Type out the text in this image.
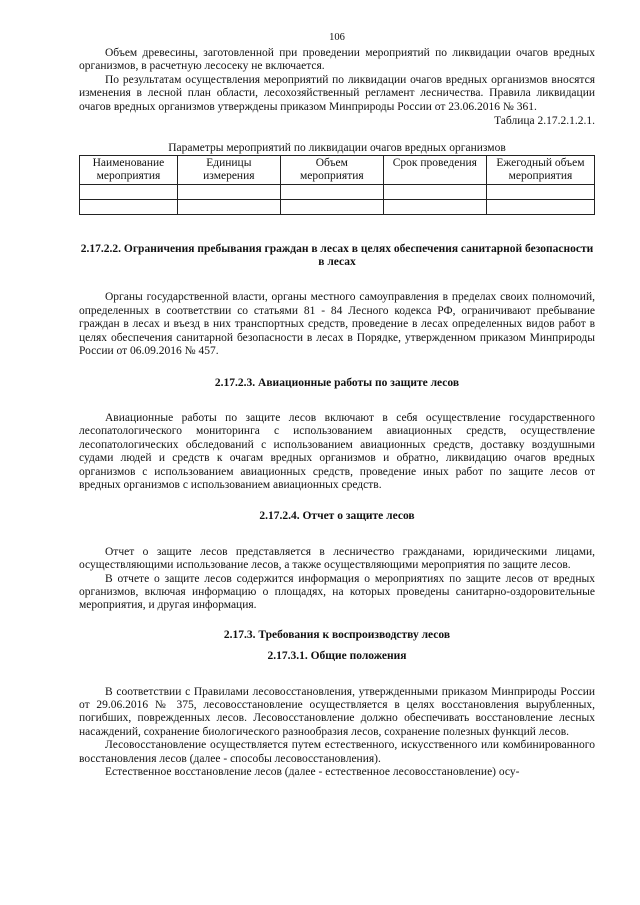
106

Объем древесины, заготовленной при проведении мероприятий по ликвидации очагов вредных организмов, в расчетную лесосеку не включается.

По результатам осуществления мероприятий по ликвидации очагов вредных организмов вносятся изменения в лесной план области, лесохозяйственный регламент лесничества. Правила ликвидации очагов вредных организмов утверждены приказом Минприроды России от 23.06.2016 № 361.

Таблица 2.17.2.1.2.1.
Параметры мероприятий по ликвидации очагов вредных организмов
Наименование мероприятия	Единицы измерения	Объем мероприятия	Срок проведения	Ежегодный объем мероприятия

2.17.2.2. Ограничения пребывания граждан в лесах в целях обеспечения санитарной безопасности в лесах

Органы государственной власти, органы местного самоуправления в пределах своих полномочий, определенных в соответствии со статьями 81 - 84 Лесного кодекса РФ, ограничивают пребывание граждан в лесах и въезд в них транспортных средств, проведение в лесах определенных видов работ в целях обеспечения санитарной безопасности в лесах в Порядке, утвержденном приказом Минприроды России от 06.09.2016 № 457.

2.17.2.3. Авиационные работы по защите лесов

Авиационные работы по защите лесов включают в себя осуществление государственного лесопатологического мониторинга с использованием авиационных средств, осуществление лесопатологических обследований с использованием авиационных средств, доставку воздушными судами людей и средств к очагам вредных организмов и обратно, ликвидацию очагов вредных организмов с использованием авиационных средств, проведение иных работ по защите лесов от вредных организмов с использованием авиационных средств.

2.17.2.4. Отчет о защите лесов

Отчет о защите лесов представляется в лесничество гражданами, юридическими лицами, осуществляющими использование лесов, а также осуществляющими мероприятия по защите лесов.

В отчете о защите лесов содержится информация о мероприятиях по защите лесов от вредных организмов, включая информацию о площадях, на которых проведены санитарно-оздоровительные мероприятия, и другая информация.

2.17.3. Требования к воспроизводству лесов
2.17.3.1. Общие положения

В соответствии с Правилами лесовосстановления, утвержденными приказом Минприроды России от 29.06.2016 № 375, лесовосстановление осуществляется в целях восстановления вырубленных, погибших, поврежденных лесов. Лесовосстановление должно обеспечивать восстановление лесных насаждений, сохранение биологического разнообразия лесов, сохранение полезных функций лесов.

Лесовосстановление осуществляется путем естественного, искусственного или комбинированного восстановления лесов (далее - способы лесовосстановления).

Естественное восстановление лесов (далее - естественное лесовосстановление) осу-
